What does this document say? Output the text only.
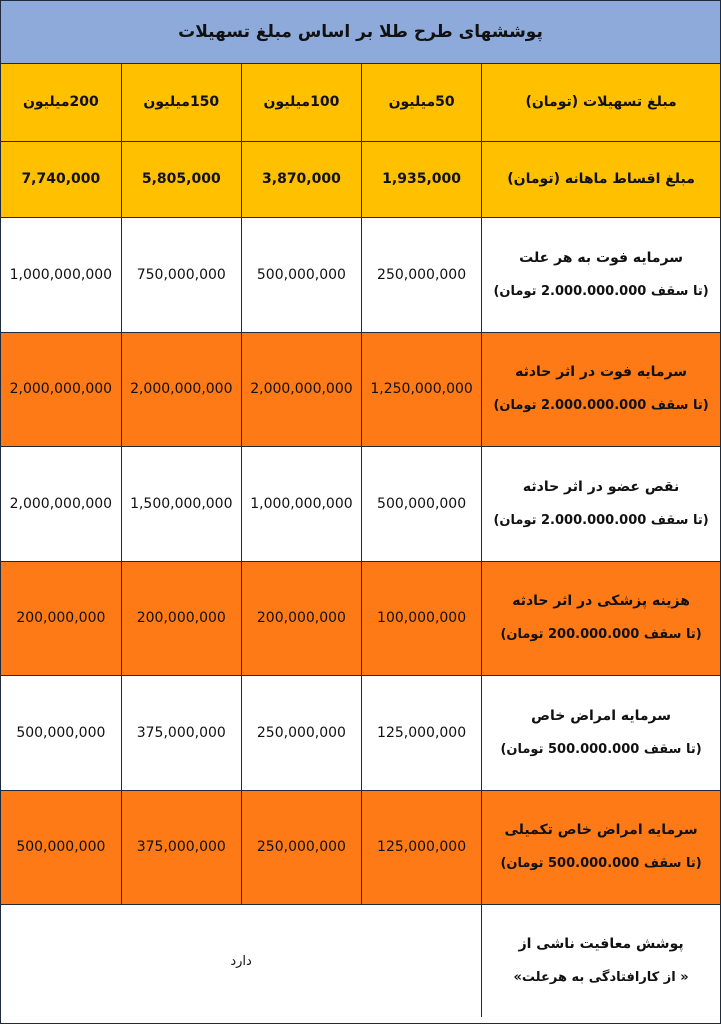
پوششهای طرح طلا بر اساس مبلغ تسهیلات
مبلغ تسهیلات (تومان)	50میلیون	100میلیون	150میلیون	200میلیون

مبلغ اقساط ماهانه (تومان)	1,935,000	3,870,000	5,805,000	7,740,000

سرمایه فوت به هر علت
(تا سقف 2.000.000.000 تومان)	250,000,000	500,000,000	750,000,000	1,000,000,000

سرمایه فوت در اثر حادثه
(تا سقف 2.000.000.000 تومان)	1,250,000,000	2,000,000,000	2,000,000,000	2,000,000,000

نقص عضو در اثر حادثه
(تا سقف 2.000.000.000 تومان)	500,000,000	1,000,000,000	1,500,000,000	2,000,000,000

هزینه پزشکی در اثر حادثه
(تا سقف 200.000.000 تومان)	100,000,000	200,000,000	200,000,000	200,000,000

سرمایه امراض خاص
(تا سقف 500.000.000 تومان)	125,000,000	250,000,000	375,000,000	500,000,000

سرمایه امراض خاص تکمیلی
(تا سقف 500.000.000 تومان)	125,000,000	250,000,000	375,000,000	500,000,000

پوشش معافیت ناشی از
« از کارافتادگی به هرعلت»	دارد			
